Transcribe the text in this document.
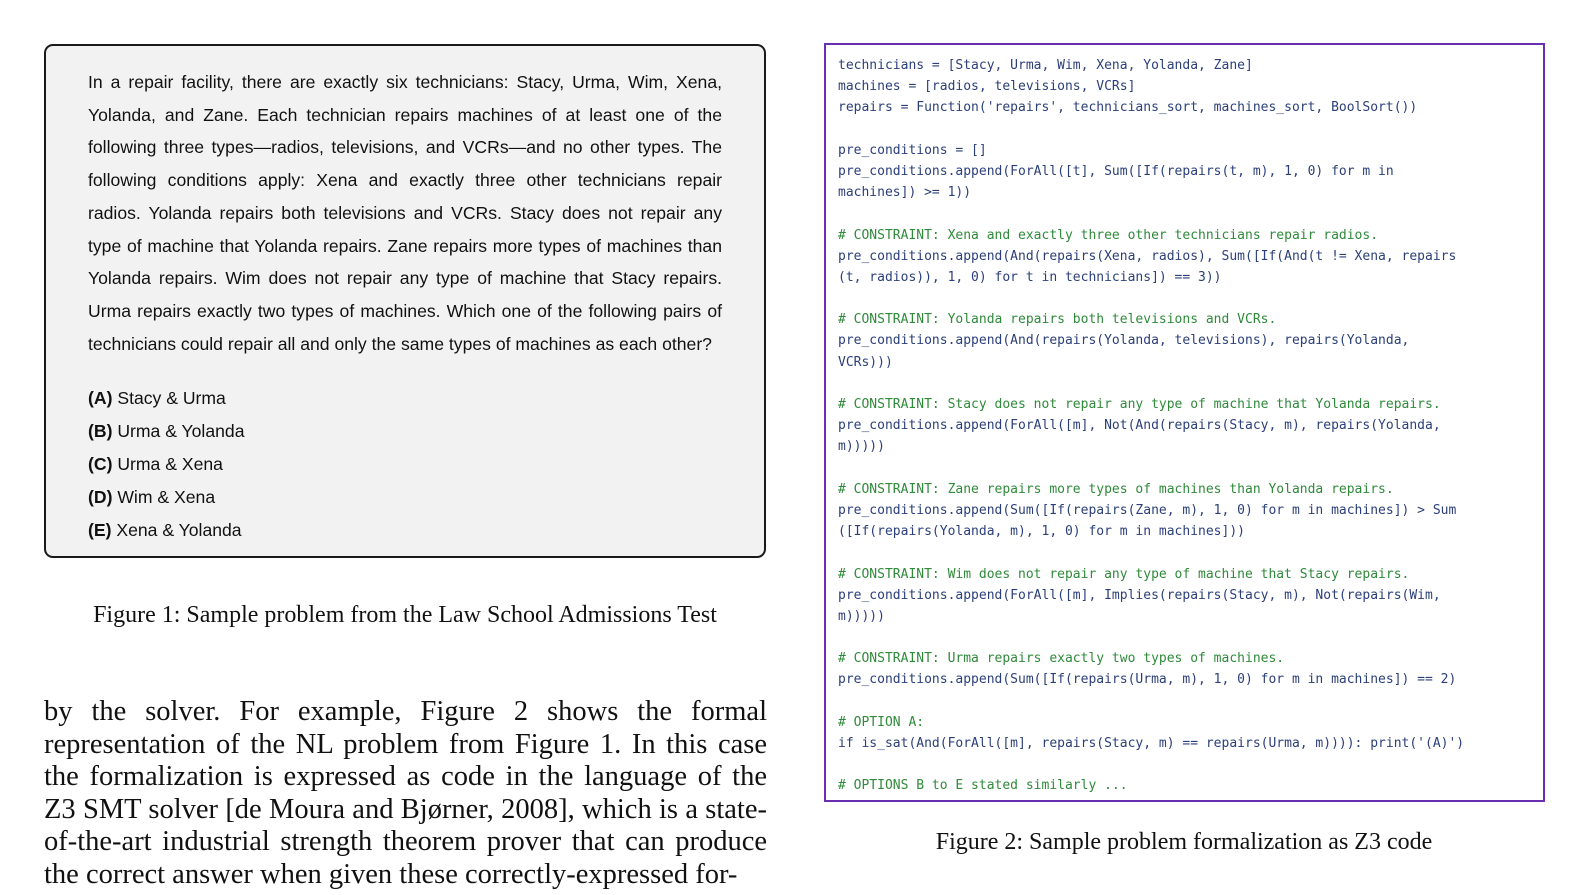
In a repair facility, there are exactly six technicians: Stacy, Urma, Wim, Xena, Yolanda, and Zane. Each technician repairs machines of at least one of the following three types—radios, televisions, and VCRs—and no other types. The following conditions apply: Xena and exactly three other technicians repair radios. Yolanda repairs both televisions and VCRs. Stacy does not repair any type of machine that Yolanda repairs. Zane repairs more types of machines than Yolanda repairs. Wim does not repair any type of machine that Stacy repairs. Urma repairs exactly two types of machines. Which one of the following pairs of technicians could repair all and only the same types of machines as each other?

(A) Stacy & Urma
(B) Urma & Yolanda
(C) Urma & Xena
(D) Wim & Xena
(E) Xena & Yolanda
Figure 1: Sample problem from the Law School Admissions Test

by the solver. For example, Figure 2 shows the formal representation of the NL problem from Figure 1. In this case the formalization is expressed as code in the language of the Z3 SMT solver [de Moura and Bjørner, 2008], which is a state-of-the-art industrial strength theorem prover that can produce the correct answer when given these correctly-expressed for-

technicians = [Stacy, Urma, Wim, Xena, Yolanda, Zane]
machines = [radios, televisions, VCRs]
repairs = Function('repairs', technicians_sort, machines_sort, BoolSort())
pre_conditions = []
pre_conditions.append(ForAll([t], Sum([If(repairs(t, m), 1, 0) for m in
machines]) >= 1))
# CONSTRAINT: Xena and exactly three other technicians repair radios.
pre_conditions.append(And(repairs(Xena, radios), Sum([If(And(t != Xena, repairs
(t, radios)), 1, 0) for t in technicians]) == 3))
# CONSTRAINT: Yolanda repairs both televisions and VCRs.
pre_conditions.append(And(repairs(Yolanda, televisions), repairs(Yolanda,
VCRs)))
# CONSTRAINT: Stacy does not repair any type of machine that Yolanda repairs.
pre_conditions.append(ForAll([m], Not(And(repairs(Stacy, m), repairs(Yolanda,
m)))))
# CONSTRAINT: Zane repairs more types of machines than Yolanda repairs.
pre_conditions.append(Sum([If(repairs(Zane, m), 1, 0) for m in machines]) > Sum
([If(repairs(Yolanda, m), 1, 0) for m in machines]))
# CONSTRAINT: Wim does not repair any type of machine that Stacy repairs.
pre_conditions.append(ForAll([m], Implies(repairs(Stacy, m), Not(repairs(Wim,
m)))))
# CONSTRAINT: Urma repairs exactly two types of machines.
pre_conditions.append(Sum([If(repairs(Urma, m), 1, 0) for m in machines]) == 2)
# OPTION A:
if is_sat(And(ForAll([m], repairs(Stacy, m) == repairs(Urma, m)))): print('(A)')
# OPTIONS B to E stated similarly ...
Figure 2: Sample problem formalization as Z3 code
